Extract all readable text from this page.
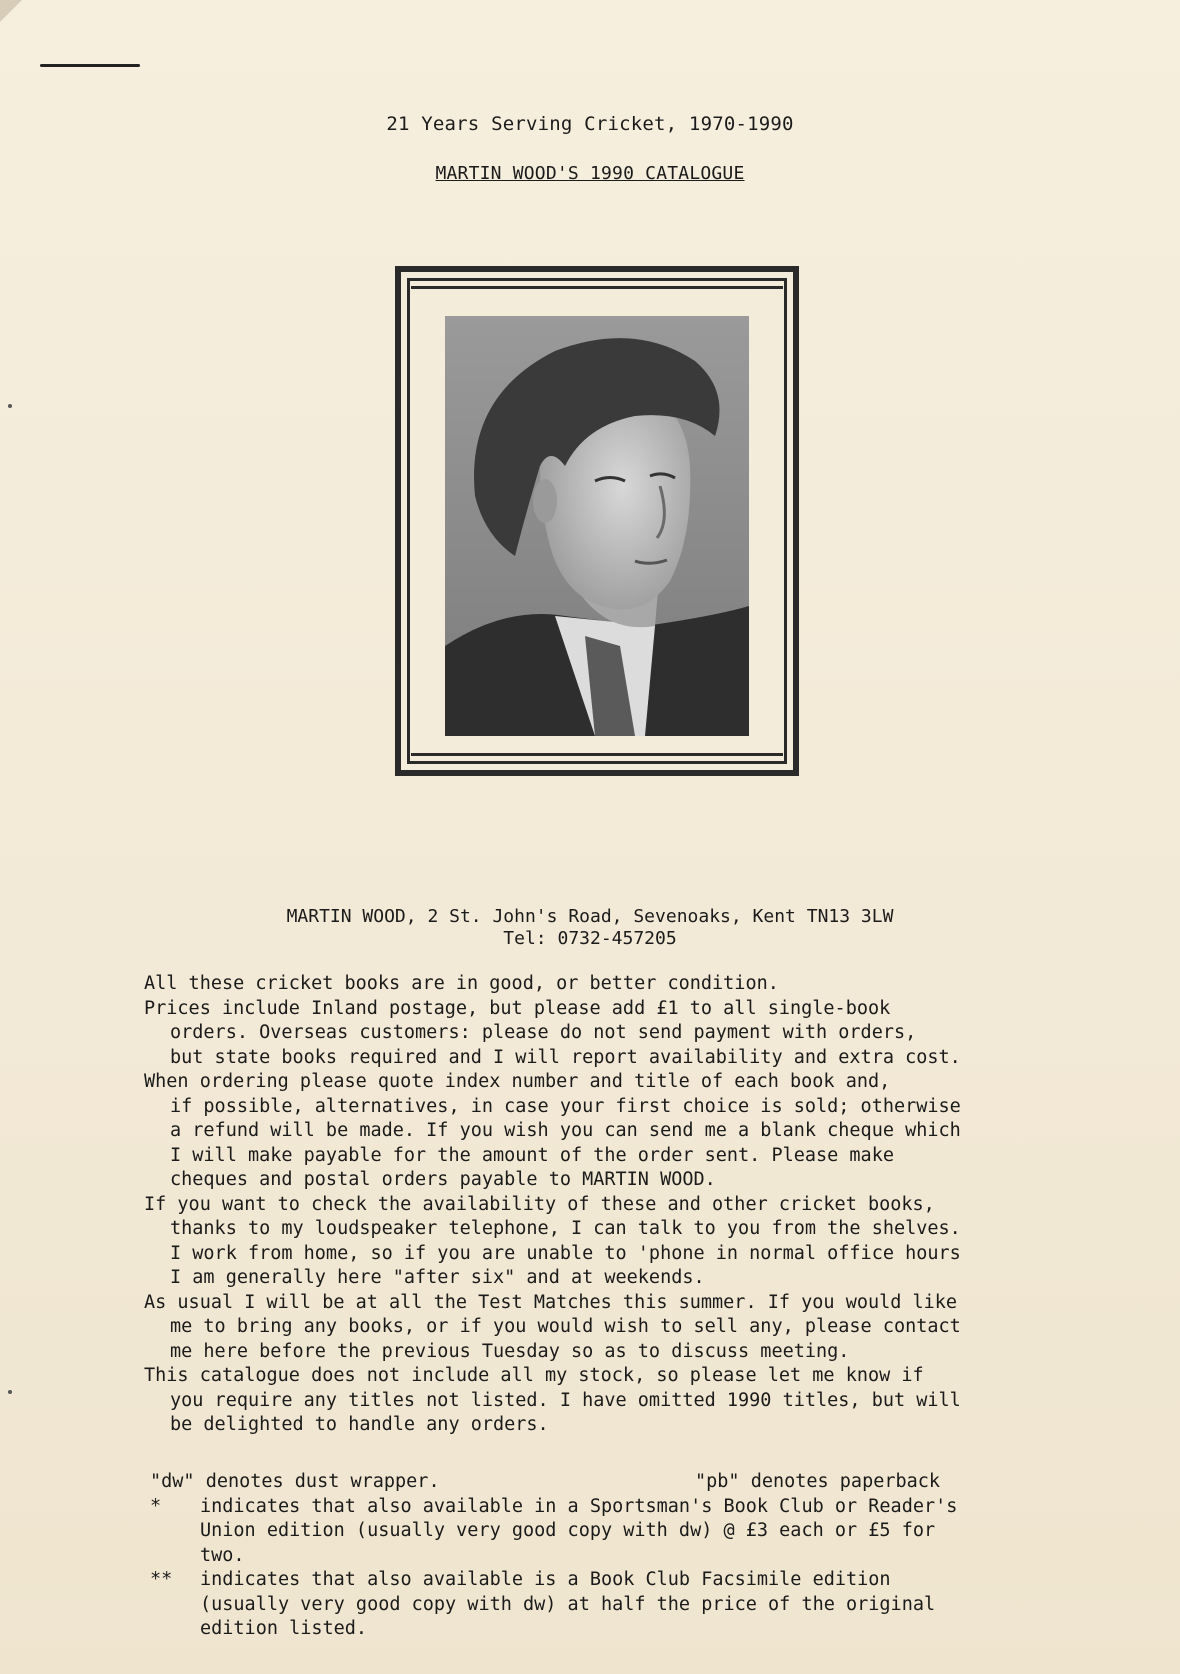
21 Years Serving Cricket, 1970-1990
MARTIN WOOD'S 1990 CATALOGUE
MARTIN WOOD, 2 St. John's Road, Sevenoaks, Kent TN13 3LW
Tel: 0732-457205
All these cricket books are in good, or better condition.
Prices include Inland postage, but please add £1 to all single-book
orders. Overseas customers: please do not send payment with orders,
but state books required and I will report availability and extra cost.
When ordering please quote index number and title of each book and,
if possible, alternatives, in case your first choice is sold; otherwise
a refund will be made. If you wish you can send me a blank cheque which
I will make payable for the amount of the order sent. Please make
cheques and postal orders payable to MARTIN WOOD.
If you want to check the availability of these and other cricket books,
thanks to my loudspeaker telephone, I can talk to you from the shelves.
I work from home, so if you are unable to 'phone in normal office hours
I am generally here "after six" and at weekends.
As usual I will be at all the Test Matches this summer. If you would like
me to bring any books, or if you would wish to sell any, please contact
me here before the previous Tuesday so as to discuss meeting.
This catalogue does not include all my stock, so please let me know if
you require any titles not listed. I have omitted 1990 titles, but will
be delighted to handle any orders.
"dw" denotes dust wrapper.	"pb" denotes paperback
*	indicates that also available in a Sportsman's Book Club or Reader's
Union edition (usually very good copy with dw) @ £3 each or £5 for
two.
**	indicates that also available is a Book Club Facsimile edition
(usually very good copy with dw) at half the price of the original
edition listed.
